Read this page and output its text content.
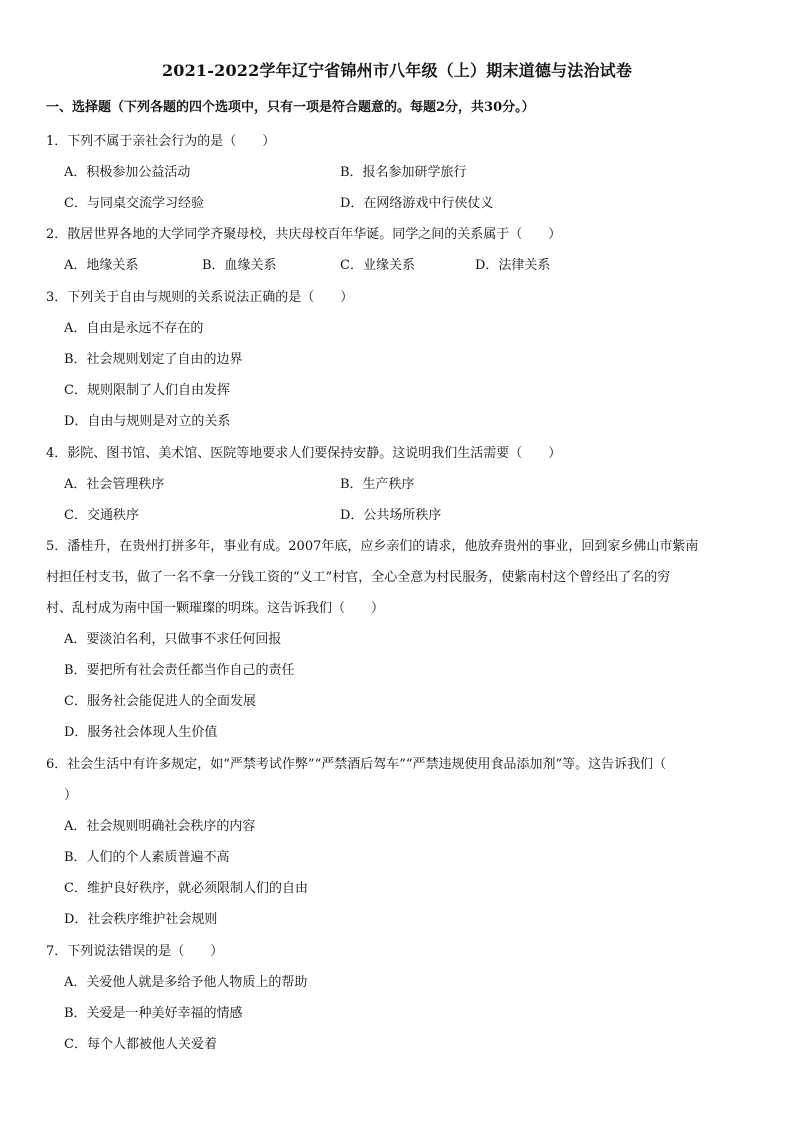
2021-2022学年辽宁省锦州市八年级（上）期末道德与法治试卷
一、选择题（下列各题的四个选项中，只有一项是符合题意的。每题2分，共30分。）
1．下列不属于亲社会行为的是（　　）
A．积极参加公益活动	B．报名参加研学旅行
C．与同桌交流学习经验	D．在网络游戏中行侠仗义
2．散居世界各地的大学同学齐聚母校，共庆母校百年华诞。同学之间的关系属于（　　）
A．地缘关系	B．血缘关系	C．业缘关系	D．法律关系
3．下列关于自由与规则的关系说法正确的是（　　）
A．自由是永远不存在的
B．社会规则划定了自由的边界
C．规则限制了人们自由发挥
D．自由与规则是对立的关系
4．影院、图书馆、美术馆、医院等地要求人们要保持安静。这说明我们生活需要（　　）
A．社会管理秩序	B．生产秩序
C．交通秩序	D．公共场所秩序
5．潘桂升，在贵州打拼多年，事业有成。2007年底，应乡亲们的请求，他放弃贵州的事业，回到家乡佛山市紫南
村担任村支书，做了一名不拿一分钱工资的“义工”村官，全心全意为村民服务，使紫南村这个曾经出了名的穷
村、乱村成为南中国一颗璀璨的明珠。这告诉我们（　　）
A．要淡泊名利，只做事不求任何回报
B．要把所有社会责任都当作自己的责任
C．服务社会能促进人的全面发展
D．服务社会体现人生价值
6．社会生活中有许多规定，如“严禁考试作弊”“严禁酒后驾车”“严禁违规使用食品添加剂”等。这告诉我们（
）
A．社会规则明确社会秩序的内容
B．人们的个人素质普遍不高
C．维护良好秩序，就必须限制人们的自由
D．社会秩序维护社会规则
7．下列说法错误的是（　　）
A．关爱他人就是多给予他人物质上的帮助
B．关爱是一种美好幸福的情感
C．每个人都被他人关爱着
